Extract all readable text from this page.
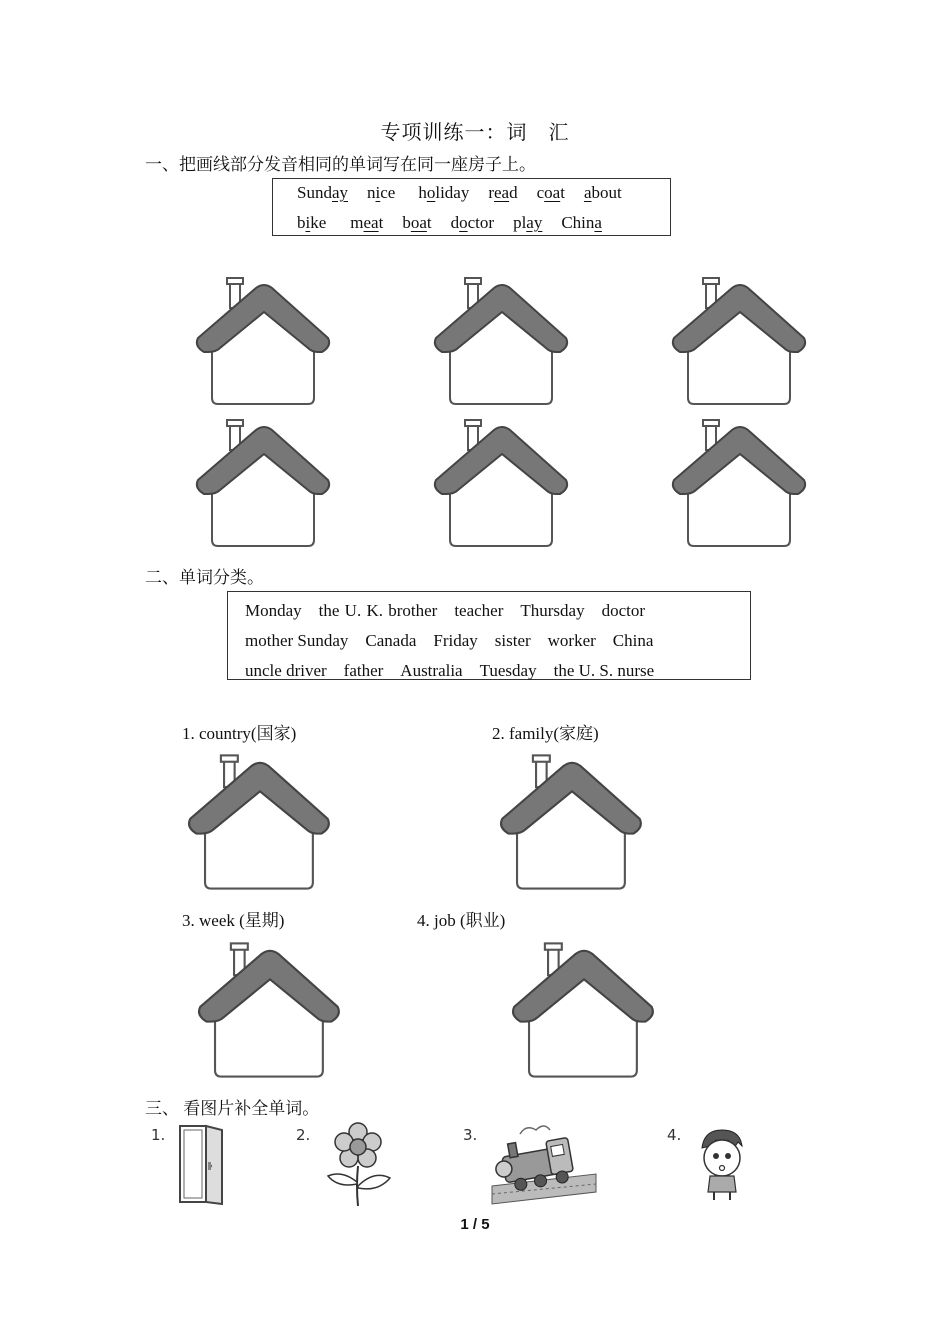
专项训练一：词　汇
一、把画线部分发音相同的单词写在同一座房子上。
Sunday nice holiday read coat about
bike meat boat doctor play China
二、单词分类。
Monday　the U. K. brother　teacher　Thursday　doctor
mother Sunday　Canada　Friday　sister　worker　China
uncle driver　father　Australia　Tuesday　the U. S. nurse
1. country(国家)	2. family(家庭)
3. week (星期)	4. job (职业)
三、 看图片补全单词。
1.	2.	3.	4.
1 / 5
